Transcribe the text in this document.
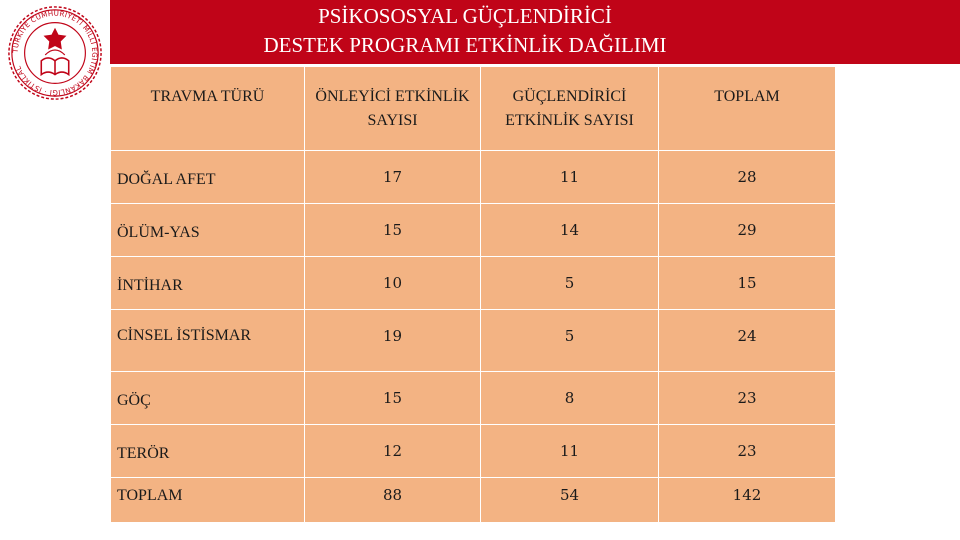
TÜRKİYE CUMHURİYETİ MİLLÎ EĞİTİM BAKANLIĞI · İSTİKLAL
PSİKOSOSYAL GÜÇLENDİRİCİ
DESTEK PROGRAMI ETKİNLİK DAĞILIMI
TRAVMA TÜRÜ	ÖNLEYİCİ ETKİNLİK SAYISI	GÜÇLENDİRİCİ ETKİNLİK SAYISI	TOPLAM
DOĞAL AFET	17	11	28
ÖLÜM-YAS	15	14	29
İNTİHAR	10	5	15
CİNSEL İSTİSMAR	19	5	24
GÖÇ	15	8	23
TERÖR	12	11	23
TOPLAM	88	54	142
